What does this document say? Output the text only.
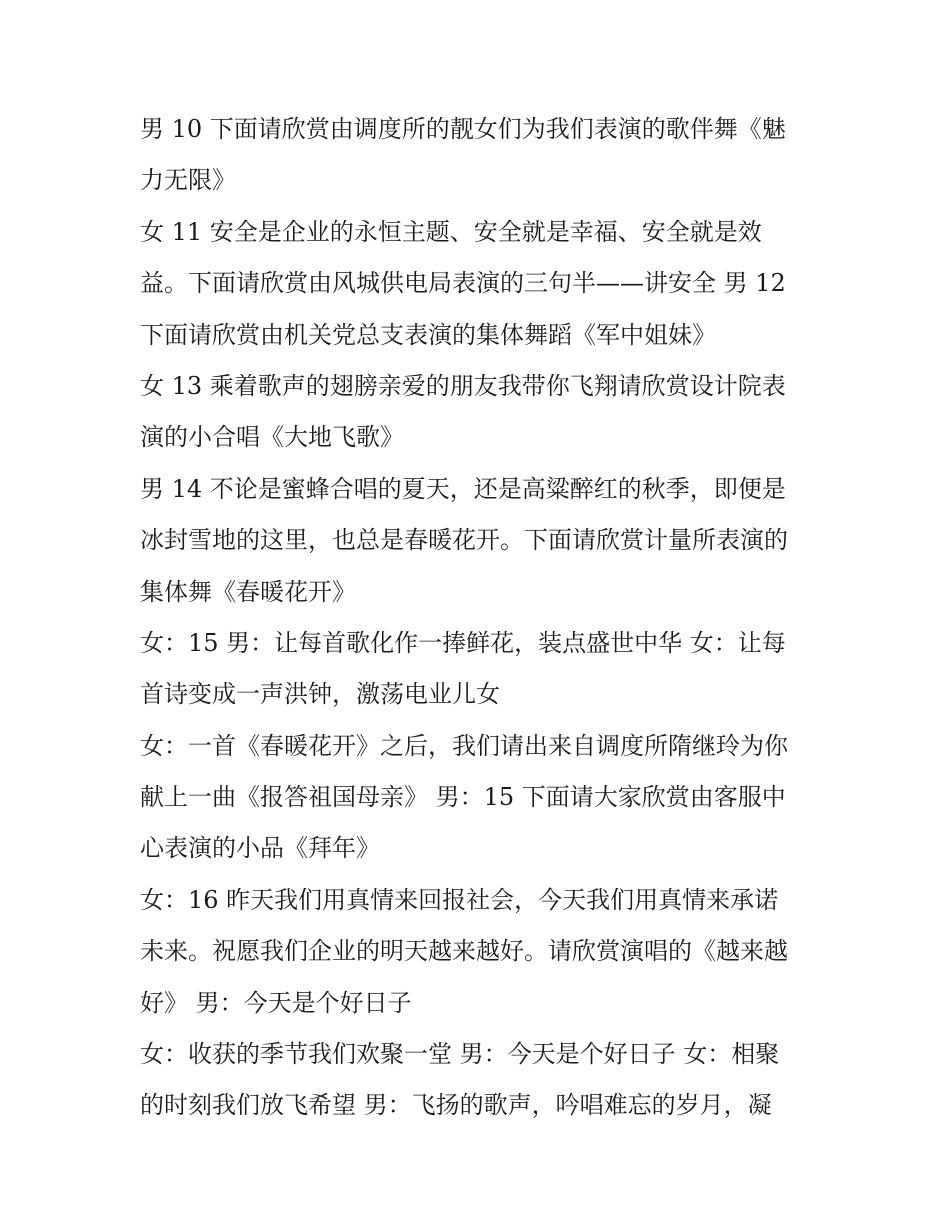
男 10 下面请欣赏由调度所的靓女们为我们表演的歌伴舞《魅
力无限》
女 11 安全是企业的永恒主题、安全就是幸福、安全就是效
益。下面请欣赏由风城供电局表演的三句半——讲安全 男 12
下面请欣赏由机关党总支表演的集体舞蹈《军中姐妹》
女 13 乘着歌声的翅膀亲爱的朋友我带你飞翔请欣赏设计院表
演的小合唱《大地飞歌》
男 14 不论是蜜蜂合唱的夏天，还是高粱醉红的秋季，即便是
冰封雪地的这里，也总是春暖花开。下面请欣赏计量所表演的
集体舞《春暖花开》
女：15 男：让每首歌化作一捧鲜花，装点盛世中华 女：让每
首诗变成一声洪钟，激荡电业儿女
女：一首《春暖花开》之后，我们请出来自调度所隋继玲为你
献上一曲《报答祖国母亲》 男：15 下面请大家欣赏由客服中
心表演的小品《拜年》
女：16 昨天我们用真情来回报社会，今天我们用真情来承诺
未来。祝愿我们企业的明天越来越好。请欣赏演唱的《越来越
好》 男：今天是个好日子
女：收获的季节我们欢聚一堂 男：今天是个好日子 女：相聚
的时刻我们放飞希望 男：飞扬的歌声，吟唱难忘的岁月，凝
